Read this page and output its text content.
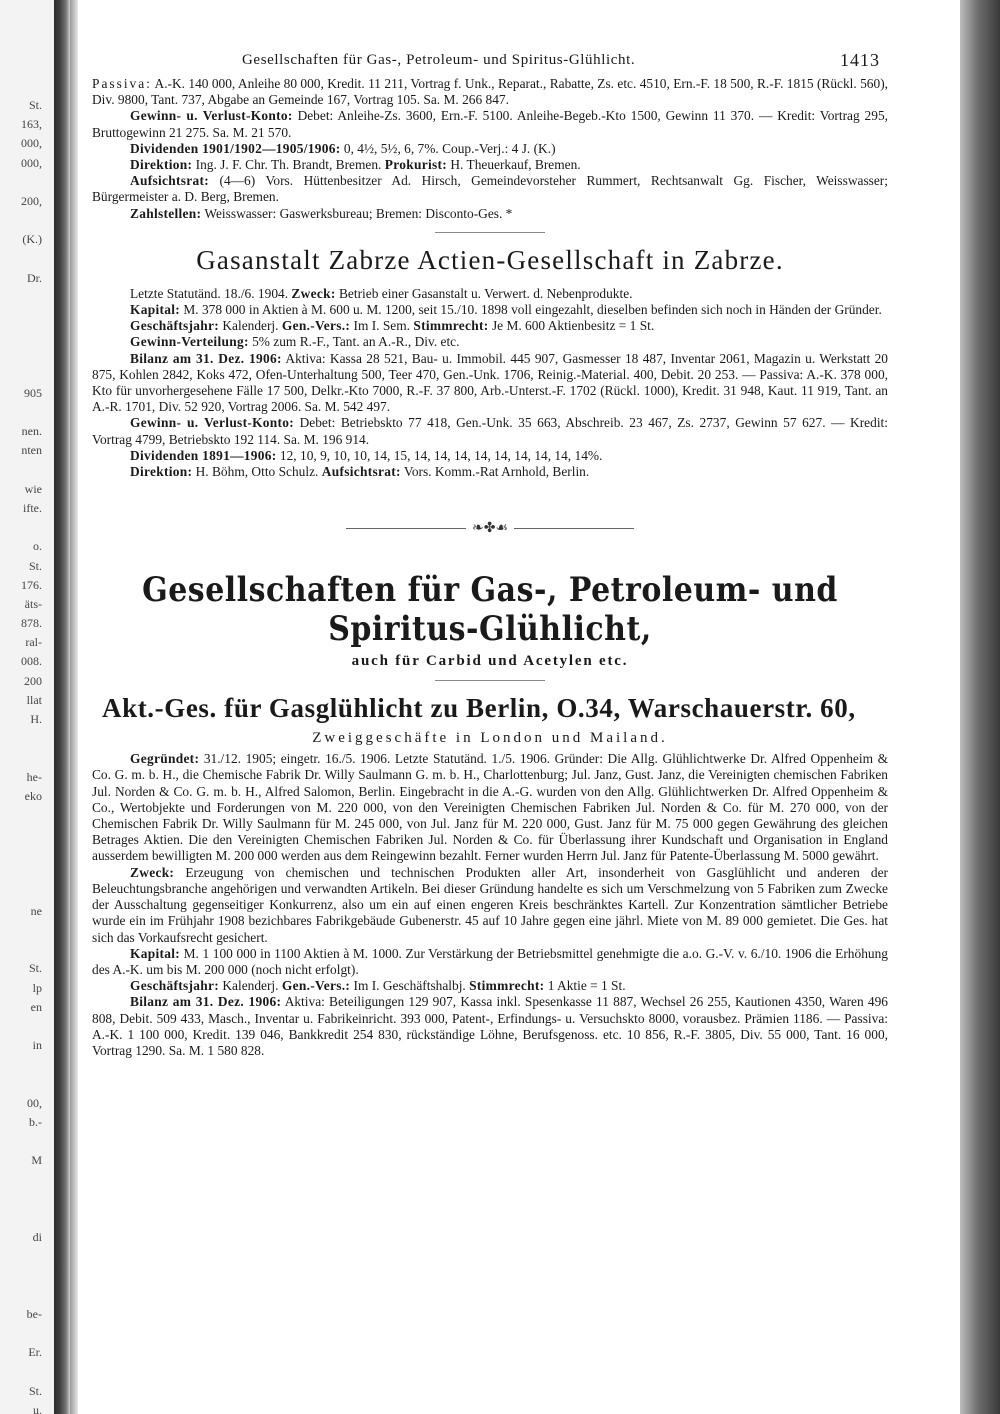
St.
163,
000,
000,
200,
(K.)
Dr.
905
nen.
nten
wie
ifte.
o.
St.
176.
äts-
878.
ral-
008.
200
llat
H.
he-
eko
ne
St.
lp
en
in
00,
b.-
M
di
be-
Er.
St.
u.
Gesellschaften für Gas-, Petroleum- und Spiritus-Glühlicht.	1413

Passiva: A.-K. 140 000, Anleihe 80 000, Kredit. 11 211, Vortrag f. Unk., Reparat., Rabatte, Zs. etc. 4510, Ern.-F. 18 500, R.-F. 1815 (Rückl. 560), Div. 9800, Tant. 737, Abgabe an Gemeinde 167, Vortrag 105. Sa. M. 266 847.

Gewinn- u. Verlust-Konto: Debet: Anleihe-Zs. 3600, Ern.-F. 5100. Anleihe-Begeb.-Kto 1500, Gewinn 11 370. — Kredit: Vortrag 295, Bruttogewinn 21 275. Sa. M. 21 570.

Dividenden 1901/1902—1905/1906: 0, 4½, 5½, 6, 7%. Coup.-Verj.: 4 J. (K.)

Direktion: Ing. J. F. Chr. Th. Brandt, Bremen. Prokurist: H. Theuerkauf, Bremen.

Aufsichtsrat: (4—6) Vors. Hüttenbesitzer Ad. Hirsch, Gemeindevorsteher Rummert, Rechtsanwalt Gg. Fischer, Weisswasser; Bürgermeister a. D. Berg, Bremen.

Zahlstellen: Weisswasser: Gaswerksbureau; Bremen: Disconto-Ges. *

Gasanstalt Zabrze Actien-Gesellschaft in Zabrze.

Letzte Statutänd. 18./6. 1904. Zweck: Betrieb einer Gasanstalt u. Verwert. d. Nebenprodukte.

Kapital: M. 378 000 in Aktien à M. 600 u. M. 1200, seit 15./10. 1898 voll eingezahlt, dieselben befinden sich noch in Händen der Gründer.

Geschäftsjahr: Kalenderj. Gen.-Vers.: Im I. Sem. Stimmrecht: Je M. 600 Aktienbesitz = 1 St.

Gewinn-Verteilung: 5% zum R.-F., Tant. an A.-R., Div. etc.

Bilanz am 31. Dez. 1906: Aktiva: Kassa 28 521, Bau- u. Immobil. 445 907, Gasmesser 18 487, Inventar 2061, Magazin u. Werkstatt 20 875, Kohlen 2842, Koks 472, Ofen-Unterhaltung 500, Teer 470, Gen.-Unk. 1706, Reinig.-Material. 400, Debit. 20 253. — Passiva: A.-K. 378 000, Kto für unvorhergesehene Fälle 17 500, Delkr.-Kto 7000, R.-F. 37 800, Arb.-Unterst.-F. 1702 (Rückl. 1000), Kredit. 31 948, Kaut. 11 919, Tant. an A.-R. 1701, Div. 52 920, Vortrag 2006. Sa. M. 542 497.

Gewinn- u. Verlust-Konto: Debet: Betriebskto 77 418, Gen.-Unk. 35 663, Abschreib. 23 467, Zs. 2737, Gewinn 57 627. — Kredit: Vortrag 4799, Betriebskto 192 114. Sa. M. 196 914.

Dividenden 1891—1906: 12, 10, 9, 10, 10, 14, 15, 14, 14, 14, 14, 14, 14, 14, 14, 14%.

Direktion: H. Böhm, Otto Schulz. Aufsichtsrat: Vors. Komm.-Rat Arnhold, Berlin.

❧✤☙
Gesellschaften für Gas-, Petroleum- und Spiritus-Glühlicht,

auch für Carbid und Acetylen etc.

Akt.-Ges. für Gasglühlicht zu Berlin, O.34, Warschauerstr. 60,

Zweiggeschäfte in London und Mailand.

Gegründet: 31./12. 1905; eingetr. 16./5. 1906. Letzte Statutänd. 1./5. 1906. Gründer: Die Allg. Glühlichtwerke Dr. Alfred Oppenheim & Co. G. m. b. H., die Chemische Fabrik Dr. Willy Saulmann G. m. b. H., Charlottenburg; Jul. Janz, Gust. Janz, die Vereinigten chemischen Fabriken Jul. Norden & Co. G. m. b. H., Alfred Salomon, Berlin. Eingebracht in die A.-G. wurden von den Allg. Glühlichtwerken Dr. Alfred Oppenheim & Co., Wertobjekte und Forderungen von M. 220 000, von den Vereinigten Chemischen Fabriken Jul. Norden & Co. für M. 270 000, von der Chemischen Fabrik Dr. Willy Saulmann für M. 245 000, von Jul. Janz für M. 220 000, Gust. Janz für M. 75 000 gegen Gewährung des gleichen Betrages Aktien. Die den Vereinigten Chemischen Fabriken Jul. Norden & Co. für Überlassung ihrer Kundschaft und Organisation in England ausserdem bewilligten M. 200 000 werden aus dem Reingewinn bezahlt. Ferner wurden Herrn Jul. Janz für Patente-Überlassung M. 5000 gewährt.

Zweck: Erzeugung von chemischen und technischen Produkten aller Art, insonderheit von Gasglühlicht und anderen der Beleuchtungsbranche angehörigen und verwandten Artikeln. Bei dieser Gründung handelte es sich um Verschmelzung von 5 Fabriken zum Zwecke der Ausschaltung gegenseitiger Konkurrenz, also um ein auf einen engeren Kreis beschränktes Kartell. Zur Konzentration sämtlicher Betriebe wurde ein im Frühjahr 1908 bezichbares Fabrikgebäude Gubenerstr. 45 auf 10 Jahre gegen eine jährl. Miete von M. 89 000 gemietet. Die Ges. hat sich das Vorkaufsrecht gesichert.

Kapital: M. 1 100 000 in 1100 Aktien à M. 1000. Zur Verstärkung der Betriebsmittel genehmigte die a.o. G.-V. v. 6./10. 1906 die Erhöhung des A.-K. um bis M. 200 000 (noch nicht erfolgt).

Geschäftsjahr: Kalenderj. Gen.-Vers.: Im I. Geschäftshalbj. Stimmrecht: 1 Aktie = 1 St.

Bilanz am 31. Dez. 1906: Aktiva: Beteiligungen 129 907, Kassa inkl. Spesenkasse 11 887, Wechsel 26 255, Kautionen 4350, Waren 496 808, Debit. 509 433, Masch., Inventar u. Fabrikeinricht. 393 000, Patent-, Erfindungs- u. Versuchskto 8000, vorausbez. Prämien 1186. — Passiva: A.-K. 1 100 000, Kredit. 139 046, Bankkredit 254 830, rückständige Löhne, Berufsgenoss. etc. 10 856, R.-F. 3805, Div. 55 000, Tant. 16 000, Vortrag 1290. Sa. M. 1 580 828.
